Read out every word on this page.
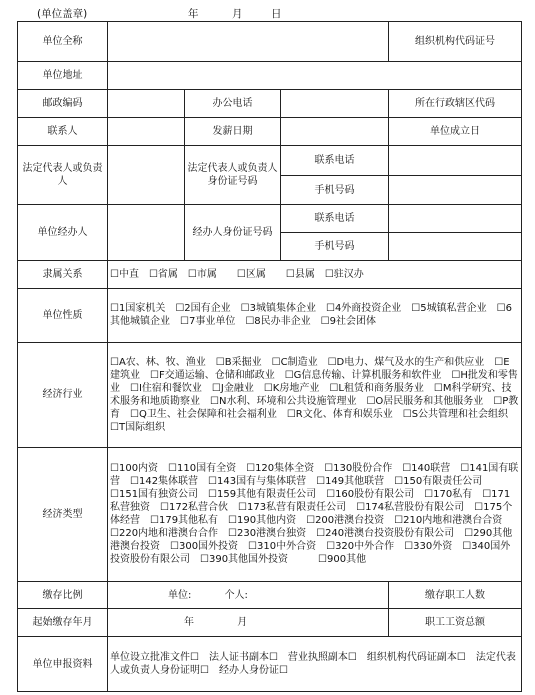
(单位盖章)	年	月	日
单位全称				组织机构代码证号
单位地址				
邮政编码		办公电话		所在行政辖区代码
联系人		发薪日期		单位成立日
法定代表人或负责人		法定代表人或负责人身份证号码	联系电话	
			手机号码	
单位经办人		经办人身份证号码	联系电话	
			手机号码	
隶属关系	☐中直　☐省属　☐市属　　☐区属　　☐县属　☐驻汉办			
单位性质	☐1国家机关　☐2国有企业　☐3城镇集体企业　☐4外商投资企业　☐5城镇私营企业　☐6其他城镇企业　☐7事业单位　☐8民办非企业　☐9社会团体			
经济行业	☐A农、林、牧、渔业　☐B采掘业　☐C制造业　☐D电力、煤气及水的生产和供应业　☐E建筑业　☐F交通运输、仓储和邮政业　☐G信息传输、计算机服务和软件业　☐H批发和零售业　☐I住宿和餐饮业　☐J金融业　☐K房地产业　☐L租赁和商务服务业　☐M科学研究、技术服务和地质勘察业　☐N水利、环境和公共设施管理业　☐O居民服务和其他服务业　☐P教育　☐Q卫生、社会保障和社会福利业　☐R文化、体育和娱乐业　☐S公共管理和社会组织　☐T国际组织			
经济类型	☐100内资　☐110国有全资　☐120集体全资　☐130股份合作　☐140联营　☐141国有联营　☐142集体联营　☐143国有与集体联营　☐149其他联营　☐150有限责任公司　☐151国有独资公司　☐159其他有限责任公司　☐160股份有限公司　☐170私有　☐171私营独资　☐172私营合伙　☐173私营有限责任公司　☐174私营股份有限公司　☐175个体经营　☐179其他私有　☐190其他内资　☐200港澳台投资　☐210内地和港澳台合资　☐220内地和港澳台合作　☐230港澳台独资　☐240港澳台投资股份有限公司　☐290其他港澳台投资　☐300国外投资　☐310中外合资　☐320中外合作　☐330外资　☐340国外投资股份有限公司　☐390其他国外投资　　　☐900其他			
缴存比例	单位: 个人:			缴存职工人数
起始缴存年月	年 月			职工工资总额
单位申报资料	单位设立批准文件☐　法人证书副本☐　营业执照副本☐　组织机构代码证副本☐　法定代表人或负责人身份证明☐　经办人身份证☐			
